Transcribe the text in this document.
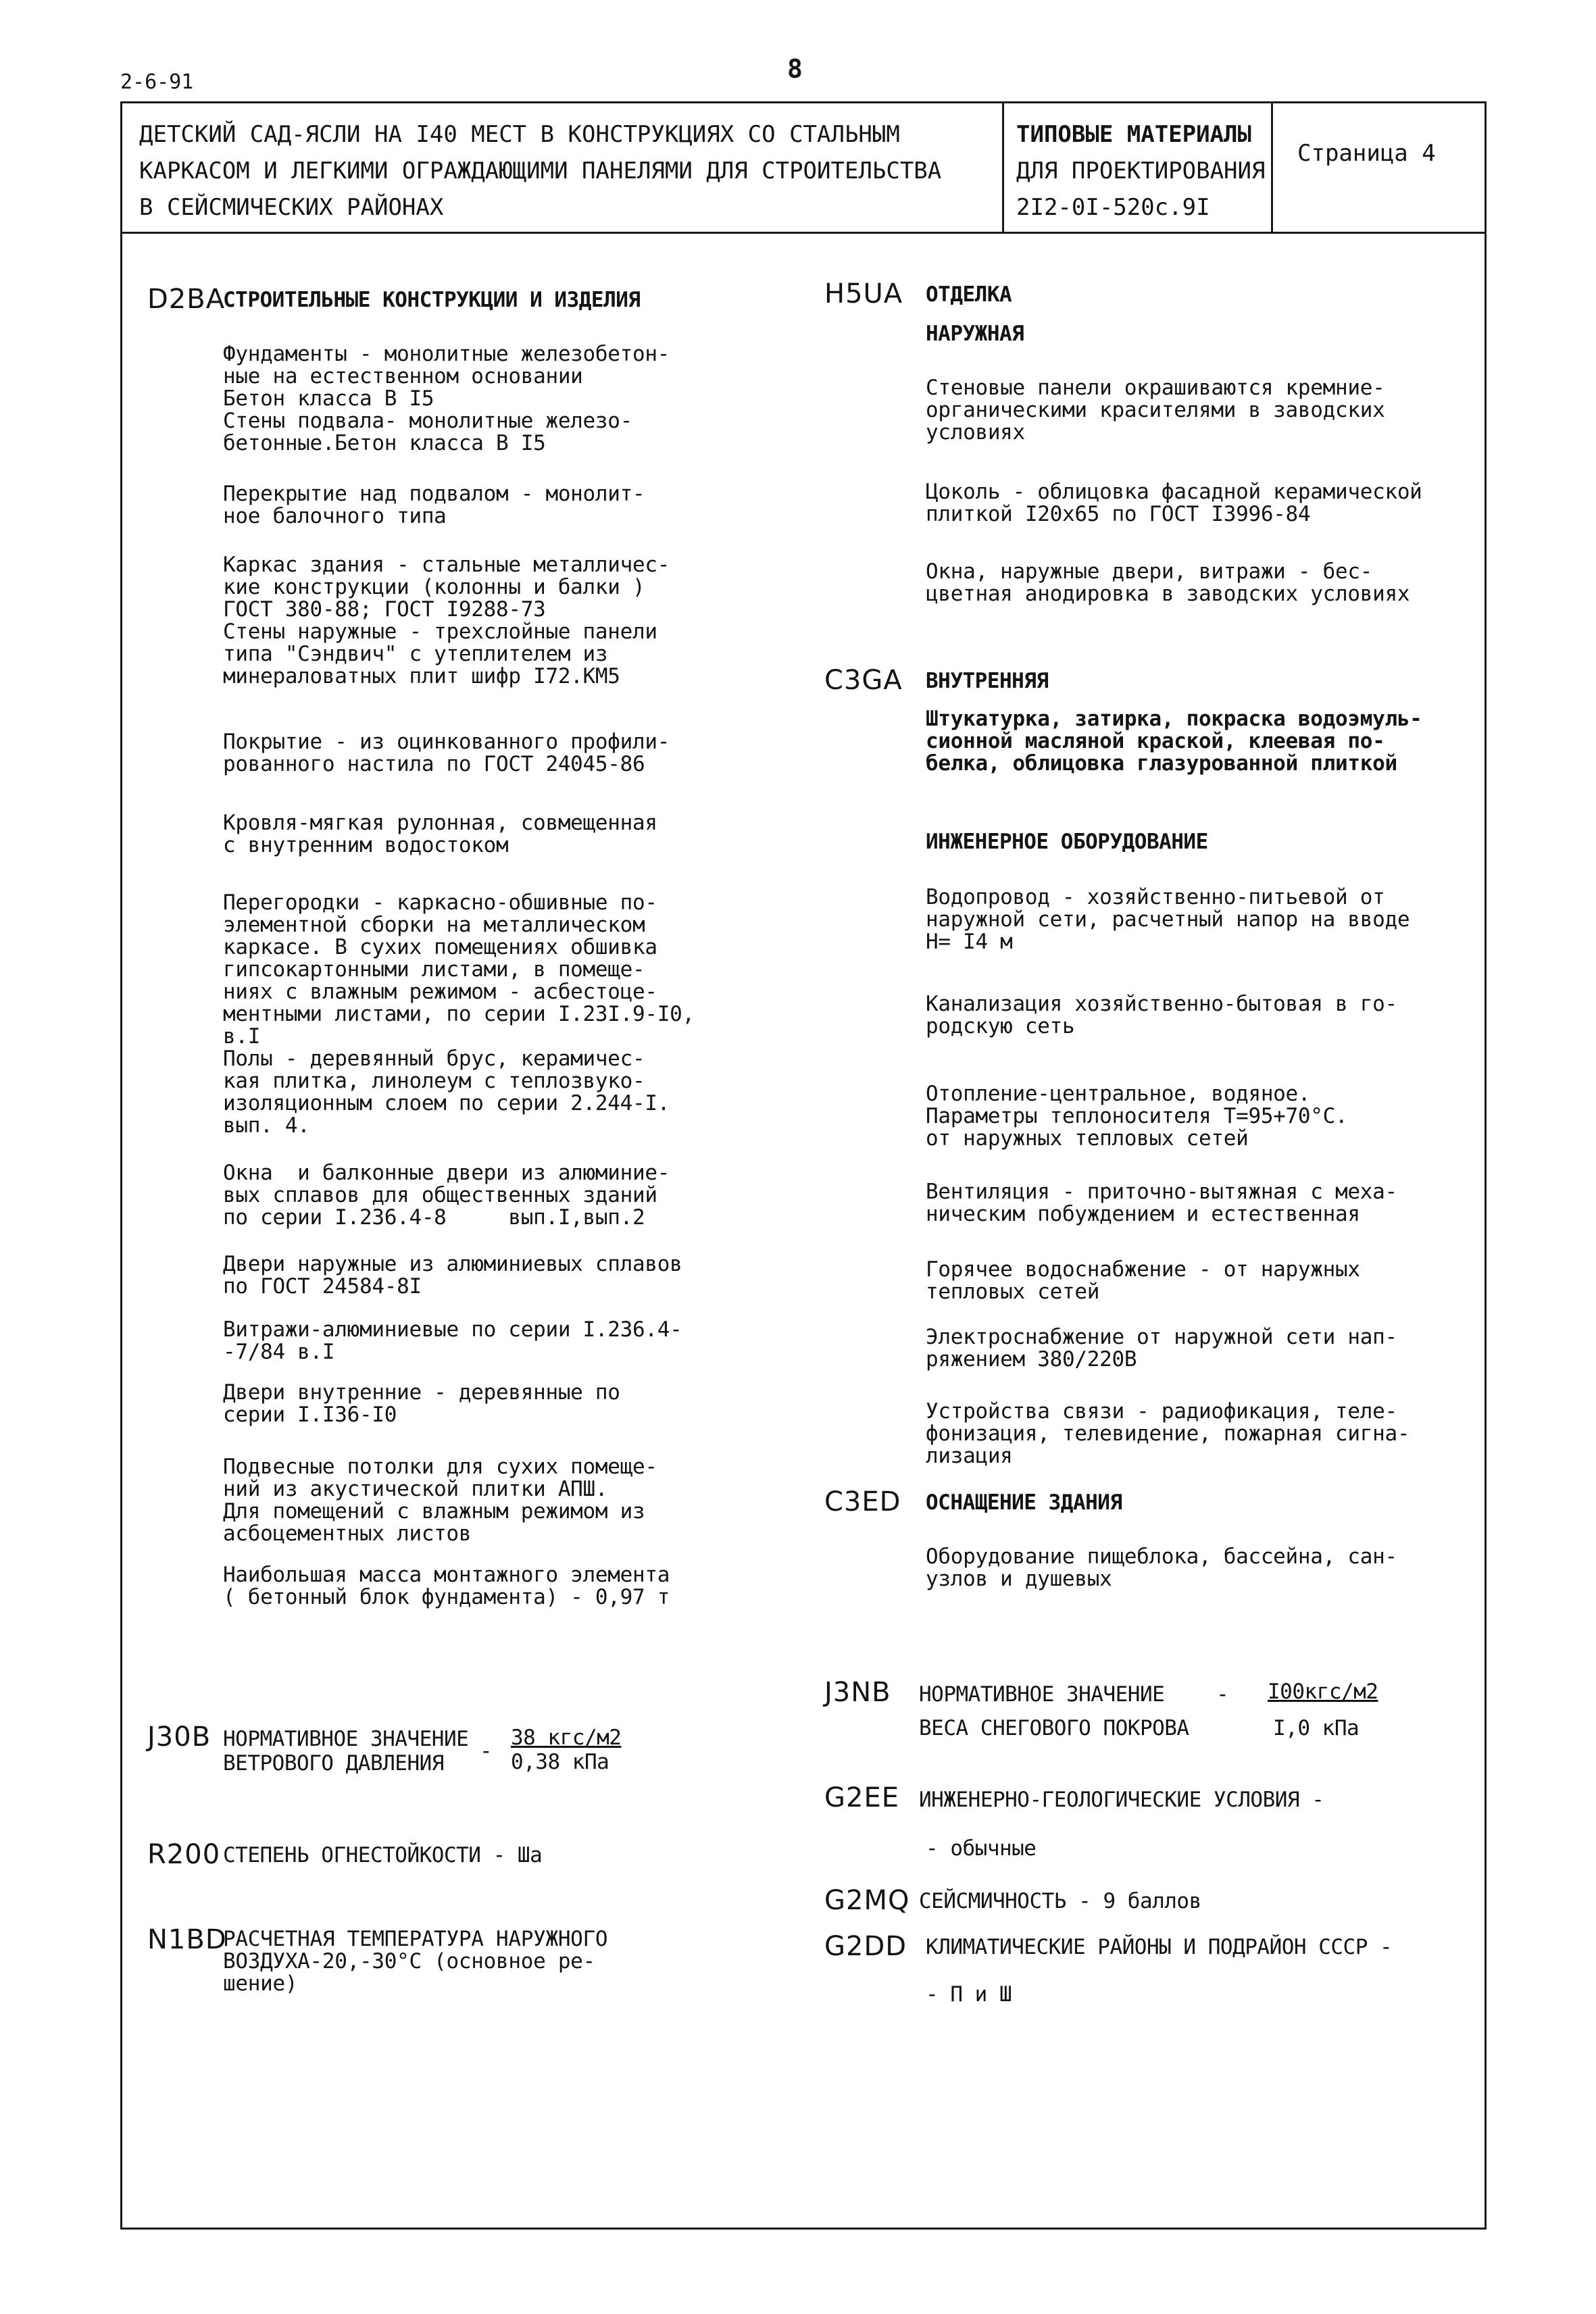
2-6-91	8
ДЕТСКИЙ САД-ЯСЛИ НА I40 МЕСТ В КОНСТРУКЦИЯХ СО СТАЛЬНЫМ
КАРКАСОМ И ЛЕГКИМИ ОГРАЖДАЮЩИМИ ПАНЕЛЯМИ ДЛЯ СТРОИТЕЛЬСТВА
В СЕЙСМИЧЕСКИХ РАЙОНАХ
ТИПОВЫЕ МАТЕРИАЛЫ
ДЛЯ ПРОЕКТИРОВАНИЯ
2I2-0I-520с.9I
Страница 4
D2BA
СТРОИТЕЛЬНЫЕ КОНСТРУКЦИИ И ИЗДЕЛИЯ
Фундаменты - монолитные железобетон-
ные на естественном основании
Бетон класса В I5
Стены подвала- монолитные железо-
бетонные.Бетон класса В I5
Перекрытие над подвалом - монолит-
ное балочного типа
Каркас здания - стальные металличес-
кие конструкции (колонны и балки )
ГОСТ 380-88; ГОСТ I9288-73
Стены наружные - трехслойные панели
типа "Сэндвич" с утеплителем из
минераловатных плит шифр I72.КМ5
Покрытие - из оцинкованного профили-
рованного настила по ГОСТ 24045-86
Кровля-мягкая рулонная, совмещенная
с внутренним водостоком
Перегородки - каркасно-обшивные по-
элементной сборки на металлическом
каркасе. В сухих помещениях обшивка
гипсокартонными листами, в помеще-
ниях с влажным режимом - асбестоце-
ментными листами, по серии I.23I.9-I0,
в.I
Полы - деревянный брус, керамичес-
кая плитка, линолеум с теплозвуко-
изоляционным слоем по серии 2.244-I.
вып. 4.
Окна  и балконные двери из алюминие-
вых сплавов для общественных зданий
по серии I.236.4-8     вып.I,вып.2
Двери наружные из алюминиевых сплавов
по ГОСТ 24584-8I
Витражи-алюминиевые по серии I.236.4-
-7/84 в.I
Двери внутренние - деревянные по
серии I.I36-I0
Подвесные потолки для сухих помеще-
ний из акустической плитки АПШ.
Для помещений с влажным режимом из
асбоцементных листов
Наибольшая масса монтажного элемента
( бетонный блок фундамента) - 0,97 т
J30B НОРМАТИВНОЕ ЗНАЧЕНИЕ
ВЕТРОВОГО ДАВЛЕНИЯ -
38 кгс/м2
0,38 кПа
R200 СТЕПЕНЬ ОГНЕСТОЙКОСТИ - Ша
N1BD
РАСЧЕТНАЯ ТЕМПЕРАТУРА НАРУЖНОГО
ВОЗДУХА-20,-30°С (основное ре-
шение)
H5UA ОТДЕЛКА
НАРУЖНАЯ
Стеновые панели окрашиваются кремние-
органическими красителями в заводских
условиях
Цоколь - облицовка фасадной керамической
плиткой I20х65 по ГОСТ I3996-84
Окна, наружные двери, витражи - бес-
цветная анодировка в заводских условиях
C3GA ВНУТРЕННЯЯ
Штукатурка, затирка, покраска водоэмуль-
сионной масляной краской, клеевая по-
белка, облицовка глазурованной плиткой
ИНЖЕНЕРНОЕ ОБОРУДОВАНИЕ
Водопровод - хозяйственно-питьевой от
наружной сети, расчетный напор на вводе
Н= I4 м
Канализация хозяйственно-бытовая в го-
родскую сеть
Отопление-центральное, водяное.
Параметры теплоносителя Т=95+70°С.
от наружных тепловых сетей
Вентиляция - приточно-вытяжная с меха-
ническим побуждением и естественная
Горячее водоснабжение - от наружных
тепловых сетей
Электроснабжение от наружной сети нап-
ряжением 380/220В
Устройства связи - радиофикация, теле-
фонизация, телевидение, пожарная сигна-
лизация
C3ED ОСНАЩЕНИЕ ЗДАНИЯ
Оборудование пищеблока, бассейна, сан-
узлов и душевых
J3NB НОРМАТИВНОЕ ЗНАЧЕНИЕ
ВЕСА СНЕГОВОГО ПОКРОВА
- I00кгс/м2
I,0 кПа
G2EE ИНЖЕНЕРНО-ГЕОЛОГИЧЕСКИЕ УСЛОВИЯ -
- обычные
G2MQ СЕЙСМИЧНОСТЬ - 9 баллов
G2DD КЛИМАТИЧЕСКИЕ РАЙОНЫ И ПОДРАЙОН СССР -
- П и Ш
